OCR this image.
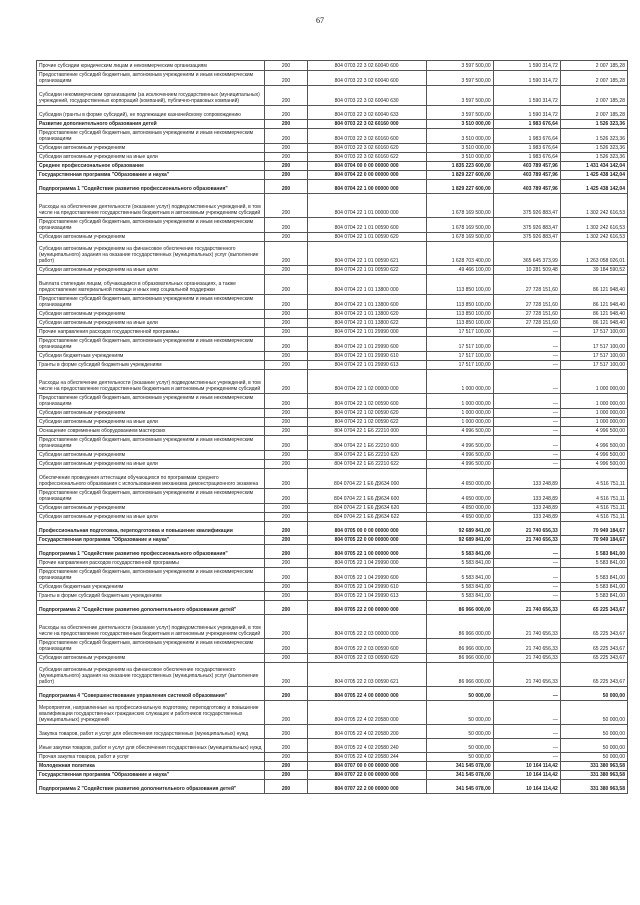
67
Прочие субсидии юридическим лицам и некоммерческим организациям	200	804 0703 22 3 02 60040 600	3 597 500,00	1 590 314,72	2 007 185,28
Предоставление субсидий бюджетным, автономным учреждениям и иным некоммерческим организациям	200	804 0703 22 3 02 60040 600	3 597 500,00	1 590 314,72	2 007 185,28
Субсидии некоммерческим организациям (за исключением государственных (муниципальных) учреждений, государственных корпораций (компаний), публично-правовых компаний)	200	804 0703 22 3 02 60040 630	3 597 500,00	1 590 314,72	2 007 185,28
Субсидии (гранты в форме субсидий), не подлежащие казначейскому сопровождению	200	804 0703 22 3 02 60040 633	3 597 500,00	1 590 314,72	2 007 185,28
Развитие дополнительного образования детей	200	804 0703 22 3 02 60160 000	3 510 000,00	1 983 676,64	1 526 323,36
Предоставление субсидий бюджетным, автономным учреждениям и иным некоммерческим организациям	200	804 0703 22 3 02 60160 600	3 510 000,00	1 983 676,64	1 526 323,36
Субсидии автономным учреждениям	200	804 0703 22 3 02 60160 620	3 510 000,00	1 983 676,64	1 526 323,36
Субсидии автономным учреждениям на иные цели	200	804 0703 22 3 02 60160 622	3 510 000,00	1 983 676,64	1 526 323,36
Среднее профессиональное образование	200	804 0704 00 0 00 00000 000	1 835 223 600,00	403 789 457,96	1 431 434 142,04
Государственная программа "Образование и наука"	200	804 0704 22 0 00 00000 000	1 829 227 600,00	403 789 457,96	1 425 438 142,04
Подпрограмма 1 "Содействие развитию профессионального образования"	200	804 0704 22 1 00 00000 000	1 829 227 600,00	403 789 457,96	1 425 438 142,04
Расходы на обеспечение деятельности (оказание услуг) подведомственных учреждений, в том числе на предоставление государственным бюджетным и автономным учреждениям субсидий	200	804 0704 22 1 01 00000 000	1 678 169 500,00	375 926 883,47	1 302 242 616,53
Предоставление субсидий бюджетным, автономным учреждениям и иным некоммерческим организациям	200	804 0704 22 1 01 00590 600	1 678 169 500,00	375 926 883,47	1 302 242 616,53
Субсидии автономным учреждениям	200	804 0704 22 1 01 00590 620	1 678 169 500,00	375 926 883,47	1 302 242 616,53
Субсидии автономным учреждениям на финансовое обеспечение государственного (муниципального) задания на оказание государственных (муниципальных) услуг (выполнение работ)	200	804 0704 22 1 01 00590 621	1 628 703 400,00	365 645 373,99	1 263 058 026,01
Субсидии автономным учреждениям на иные цели	200	804 0704 22 1 01 00590 622	49 466 100,00	10 281 509,48	39 184 590,52
Выплата стипендии лицам, обучающимся в образовательных организациях, а также предоставление материальной помощи и иных мер социальной поддержки	200	804 0704 22 1 01 13800 000	113 850 100,00	27 728 151,60	86 121 948,40
Предоставление субсидий бюджетным, автономным учреждениям и иным некоммерческим организациям	200	804 0704 22 1 01 13800 600	113 850 100,00	27 728 151,60	86 121 948,40
Субсидии автономным учреждениям	200	804 0704 22 1 01 13800 620	113 850 100,00	27 728 151,60	86 121 948,40
Субсидии автономным учреждениям на иные цели	200	804 0704 22 1 01 13800 622	113 850 100,00	27 728 151,60	86 121 948,40
Прочие направления расходов государственной программы	200	804 0704 22 1 01 29990 000	17 517 100,00	—	17 517 100,00
Предоставление субсидий бюджетным, автономным учреждениям и иным некоммерческим организациям	200	804 0704 22 1 01 29990 600	17 517 100,00	—	17 517 100,00
Субсидии бюджетным учреждениям	200	804 0704 22 1 01 29990 610	17 517 100,00	—	17 517 100,00
Гранты в форме субсидий бюджетным учреждениям	200	804 0704 22 1 01 29990 613	17 517 100,00	—	17 517 100,00
Расходы на обеспечение деятельности (оказание услуг) подведомственных учреждений, в том числе на предоставление государственным бюджетным и автономным учреждениям субсидий	200	804 0704 22 1 02 00000 000	1 000 000,00	—	1 000 000,00
Предоставление субсидий бюджетным, автономным учреждениям и иным некоммерческим организациям	200	804 0704 22 1 02 00590 600	1 000 000,00	—	1 000 000,00
Субсидии автономным учреждениям	200	804 0704 22 1 02 00590 620	1 000 000,00	—	1 000 000,00
Субсидии автономным учреждениям на иные цели	200	804 0704 22 1 02 00590 622	1 000 000,00	—	1 000 000,00
Оснащение современным оборудованием мастерских	200	804 0704 22 1 Е6 22210 000	4 996 500,00	—	4 996 500,00
Предоставление субсидий бюджетным, автономным учреждениям и иным некоммерческим организациям	200	804 0704 22 1 Е6 22210 600	4 996 500,00	—	4 996 500,00
Субсидии автономным учреждениям	200	804 0704 22 1 Е6 22210 620	4 996 500,00	—	4 996 500,00
Субсидии автономным учреждениям на иные цели	200	804 0704 22 1 Е6 22210 622	4 996 500,00	—	4 996 500,00
Обеспечение проведения аттестации обучающихся по программам среднего профессионального образования с использованием механизма демонстрационного экзамена	200	804 0704 22 1 Е6 Д9634 000	4 650 000,00	133 248,89	4 516 751,11
Предоставление субсидий бюджетным, автономным учреждениям и иным некоммерческим организациям	200	804 0704 22 1 Е6 Д9634 600	4 650 000,00	133 248,89	4 516 751,11
Субсидии автономным учреждениям	200	804 0704 22 1 Е6 Д9634 620	4 650 000,00	133 248,89	4 516 751,11
Субсидии автономным учреждениям на иные цели	200	804 0704 22 1 Е6 Д9634 622	4 650 000,00	133 248,89	4 516 751,11
Профессиональная подготовка, переподготовка и повышение квалификации	200	804 0705 00 0 00 00000 000	92 689 841,00	21 740 656,33	70 949 184,67
Государственная программа "Образование и наука"	200	804 0705 22 0 00 00000 000	92 689 841,00	21 740 656,33	70 949 184,67
Подпрограмма 1 "Содействие развитию профессионального образования"	200	804 0705 22 1 00 00000 000	5 583 841,00	—	5 583 841,00
Прочие направления расходов государственной программы	200	804 0705 22 1 04 29990 000	5 583 841,00	—	5 583 841,00
Предоставление субсидий бюджетным, автономным учреждениям и иным некоммерческим организациям	200	804 0705 22 1 04 29990 600	5 583 841,00	—	5 583 841,00
Субсидии бюджетным учреждениям	200	804 0705 22 1 04 29990 610	5 583 841,00	—	5 583 841,00
Гранты в форме субсидий бюджетным учреждениям	200	804 0705 22 1 04 29990 613	5 583 841,00	—	5 583 841,00
Подпрограмма 2 "Содействие развитию дополнительного образования детей"	200	804 0705 22 2 00 00000 000	86 966 000,00	21 740 656,33	65 225 343,67
Расходы на обеспечение деятельности (оказание услуг) подведомственных учреждений, в том числе на предоставление государственным бюджетным и автономным учреждениям субсидий	200	804 0705 22 2 03 00000 000	86 966 000,00	21 740 656,33	65 225 343,67
Предоставление субсидий бюджетным, автономным учреждениям и иным некоммерческим организациям	200	804 0705 22 2 03 00590 600	86 966 000,00	21 740 656,33	65 225 343,67
Субсидии автономным учреждениям	200	804 0705 22 2 03 00590 620	86 966 000,00	21 740 656,33	65 225 343,67
Субсидии автономным учреждениям на финансовое обеспечение государственного (муниципального) задания на оказание государственных (муниципальных) услуг (выполнение работ)	200	804 0705 22 2 03 00590 621	86 966 000,00	21 740 656,33	65 225 343,67
Подпрограмма 4 "Совершенствование управления системой образования"	200	804 0705 22 4 00 00000 000	50 000,00	—	50 000,00
Мероприятия, направленные на профессиональную подготовку, переподготовку и повышение квалификации государственных гражданских служащих и работников государственных (муниципальных) учреждений	200	804 0705 22 4 02 20580 000	50 000,00	—	50 000,00
Закупка товаров, работ и услуг для обеспечения государственных (муниципальных) нужд	200	804 0705 22 4 02 20580 200	50 000,00	—	50 000,00
Иные закупки товаров, работ и услуг для обеспечения государственных (муниципальных) нужд	200	804 0705 22 4 02 20580 240	50 000,00	—	50 000,00
Прочая закупка товаров, работ и услуг	200	804 0705 22 4 02 20580 244	50 000,00	—	50 000,00
Молодежная политика	200	804 0707 00 0 00 00000 000	341 545 078,00	10 164 114,42	331 380 963,58
Государственная программа "Образование и наука"	200	804 0707 22 0 00 00000 000	341 545 078,00	10 164 114,42	331 380 963,58
Подпрограмма 2 "Содействие развитию дополнительного образования детей"	200	804 0707 22 2 00 00000 000	341 545 078,00	10 164 114,42	331 380 963,58
